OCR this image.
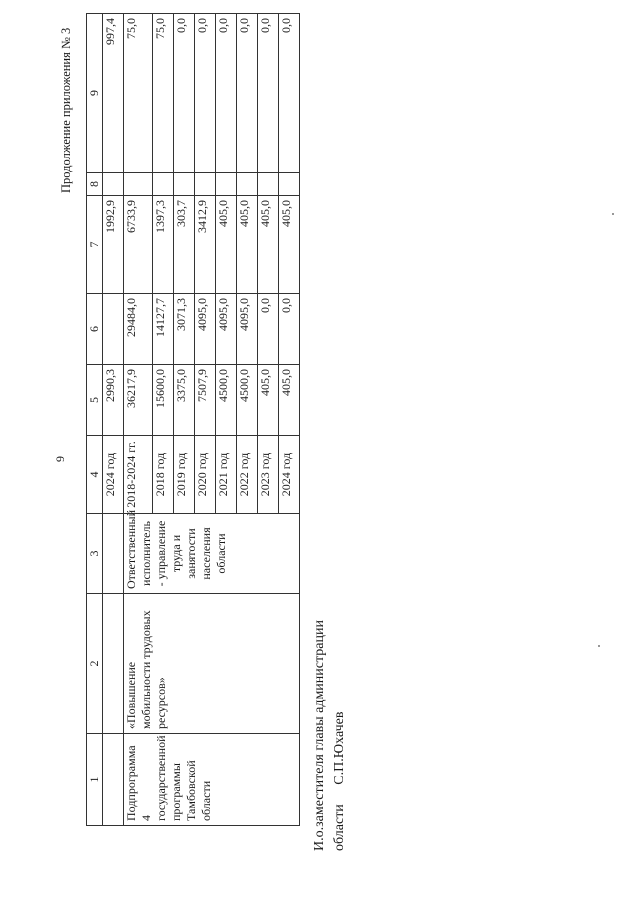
9
Продолжение приложения № 3
1	2	3	4	5	6	7	8	9
			2024 год	2990,3		1992,9		997,4
Подпрограмма 4 государственной программы Тамбовской области	«Повышение мобильности трудовых ресурсов»	Ответственный исполнитель - управление труда и занятости населения области	2018-2024 гг.	36217,9	29484,0	6733,9		75,0
			2018 год	15600,0	14127,7	1397,3		75,0
			2019 год	3375,0	3071,3	303,7		0,0
			2020 год	7507,9	4095,0	3412,9		0,0
			2021 год	4500,0	4095,0	405,0		0,0
			2022 год	4500,0	4095,0	405,0		0,0
			2023 год	405,0	0,0	405,0		0,0
			2024 год	405,0	0,0	405,0		0,0
И.о.заместителя главы администрации области С.П.Юхачев
